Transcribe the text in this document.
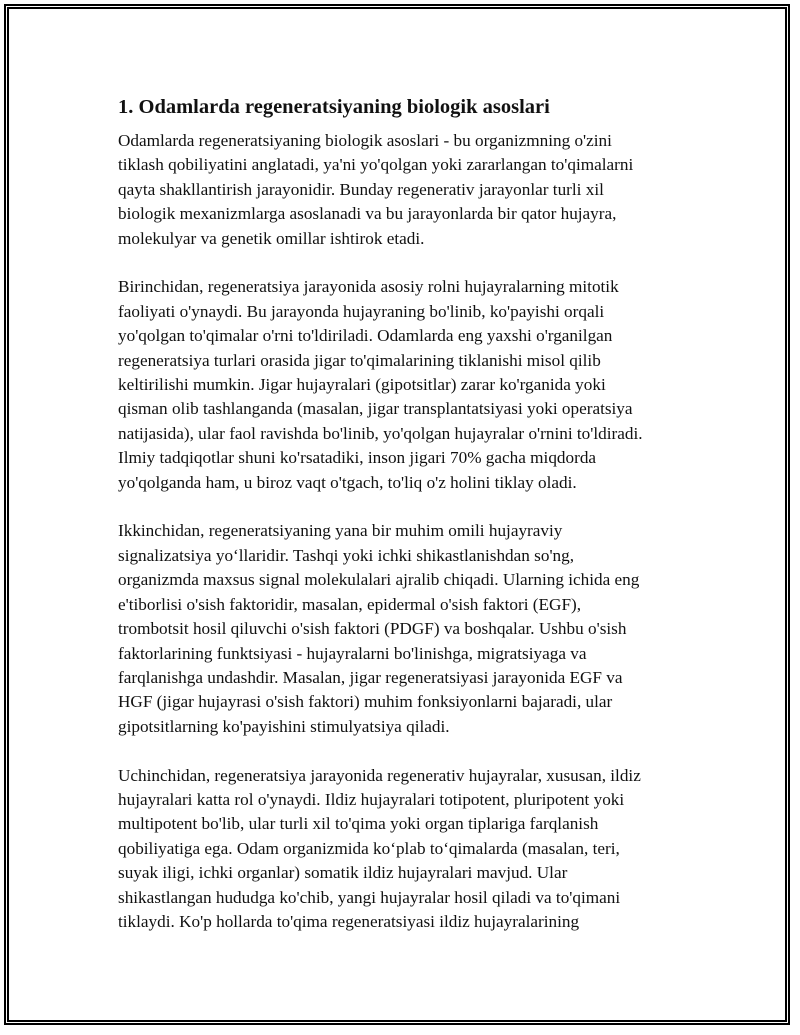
1. Odamlarda regeneratsiyaning biologik asoslari

Odamlarda regeneratsiyaning biologik asoslari - bu organizmning o'zini
tiklash qobiliyatini anglatadi, ya'ni yo'qolgan yoki zararlangan to'qimalarni
qayta shakllantirish jarayonidir. Bunday regenerativ jarayonlar turli xil
biologik mexanizmlarga asoslanadi va bu jarayonlarda bir qator hujayra,
molekulyar va genetik omillar ishtirok etadi.

Birinchidan, regeneratsiya jarayonida asosiy rolni hujayralarning mitotik
faoliyati o'ynaydi. Bu jarayonda hujayraning bo'linib, ko'payishi orqali
yo'qolgan to'qimalar o'rni to'ldiriladi. Odamlarda eng yaxshi o'rganilgan
regeneratsiya turlari orasida jigar to'qimalarining tiklanishi misol qilib
keltirilishi mumkin. Jigar hujayralari (gipotsitlar) zarar ko'rganida yoki
qisman olib tashlanganda (masalan, jigar transplantatsiyasi yoki operatsiya
natijasida), ular faol ravishda bo'linib, yo'qolgan hujayralar o'rnini to'ldiradi.
Ilmiy tadqiqotlar shuni ko'rsatadiki, inson jigari 70% gacha miqdorda
yo'qolganda ham, u biroz vaqt o'tgach, to'liq o'z holini tiklay oladi.

Ikkinchidan, regeneratsiyaning yana bir muhim omili hujayraviy
signalizatsiya yo‘llaridir. Tashqi yoki ichki shikastlanishdan so'ng,
organizmda maxsus signal molekulalari ajralib chiqadi. Ularning ichida eng
e'tiborlisi o'sish faktoridir, masalan, epidermal o'sish faktori (EGF),
trombotsit hosil qiluvchi o'sish faktori (PDGF) va boshqalar. Ushbu o'sish
faktorlarining funktsiyasi - hujayralarni bo'linishga, migratsiyaga va
farqlanishga undashdir. Masalan, jigar regeneratsiyasi jarayonida EGF va
HGF (jigar hujayrasi o'sish faktori) muhim fonksiyonlarni bajaradi, ular
gipotsitlarning ko'payishini stimulyatsiya qiladi.

Uchinchidan, regeneratsiya jarayonida regenerativ hujayralar, xususan, ildiz
hujayralari katta rol o'ynaydi. Ildiz hujayralari totipotent, pluripotent yoki
multipotent bo'lib, ular turli xil to'qima yoki organ tiplariga farqlanish
qobiliyatiga ega. Odam organizmida ko‘plab to‘qimalarda (masalan, teri,
suyak iligi, ichki organlar) somatik ildiz hujayralari mavjud. Ular
shikastlangan hududga ko'chib, yangi hujayralar hosil qiladi va to'qimani
tiklaydi. Ko'p hollarda to'qima regeneratsiyasi ildiz hujayralarining
